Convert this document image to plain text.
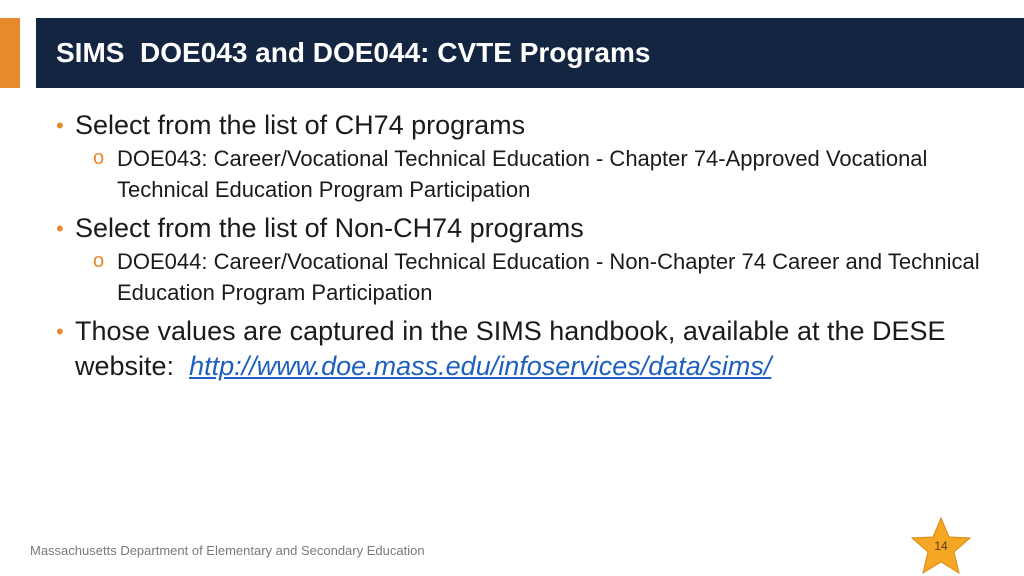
SIMS  DOE043 and DOE044: CVTE Programs
• Select from the list of CH74 programs
o DOE043: Career/Vocational Technical Education - Chapter 74-Approved Vocational Technical Education Program Participation
• Select from the list of Non-CH74 programs
o DOE044: Career/Vocational Technical Education - Non-Chapter 74 Career and Technical Education Program Participation
• Those values are captured in the SIMS handbook, available at the DESE website:  http://www.doe.mass.edu/infoservices/data/sims/
Massachusetts Department of Elementary and Secondary Education	14
